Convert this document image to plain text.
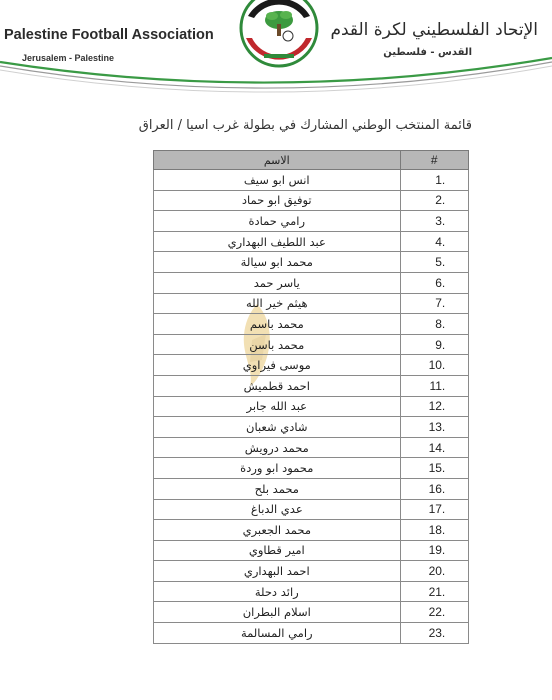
Palestine Football Association
Jerusalem - Palestine
الإتحاد الفلسطيني لكرة القدم
القدس - فلسطين
قائمة المنتخب الوطني المشارك في بطولة غرب اسيا / العراق
الاسم	#
انس ابو سيف	1.
توفيق ابو حماد	2.
رامي حمادة	3.
عبد اللطيف البهداري	4.
محمد ابو سيالة	5.
ياسر حمد	6.
هيثم خير الله	7.
محمد باسم	8.
محمد باسن	9.
موسى فيراوي	10.
احمد قطميش	11.
عبد الله جابر	12.
شادي شعبان	13.
محمد درويش	14.
محمود ابو وردة	15.
محمد بلح	16.
عدي الدباغ	17.
محمد الجعبري	18.
امير قطاوي	19.
احمد البهداري	20.
رائد دحلة	21.
اسلام البطران	22.
رامي المسالمة	23.
